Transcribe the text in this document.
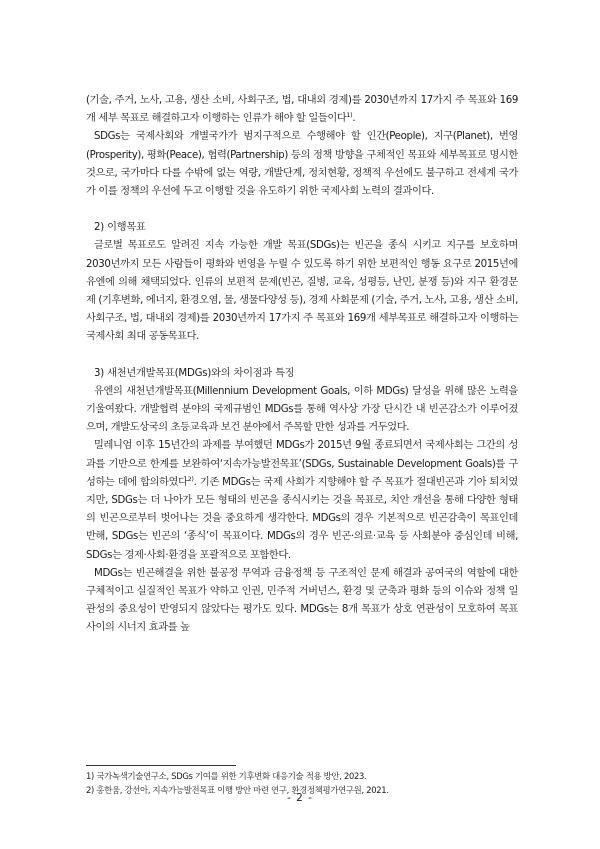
(기술, 주거, 노사, 고용, 생산 소비, 사회구조, 법, 대내외 경제)를 2030년까지 17가지 주 목표와 169개 세부 목표로 해결하고자 이행하는 인류가 해야 할 일들이다$^{1)}$.

SDGs는 국제사회와 개별국가가 범지구적으로 수행해야 할 인간(People), 지구(Planet), 번영(Prosperity), 평화(Peace), 협력(Partnership) 등의 정책 방향을 구체적인 목표와 세부목표로 명시한 것으로, 국가마다 다를 수밖에 없는 역량, 개발단계, 정치현황, 정책적 우선에도 불구하고 전세계 국가가 이를 정책의 우선에 두고 이행할 것을 유도하기 위한 국제사회 노력의 결과이다.

2) 이행목표

글로벌 목표로도 알려진 지속 가능한 개발 목표(SDGs)는 빈곤을 종식 시키고 지구를 보호하며 2030년까지 모든 사람들이 평화와 번영을 누릴 수 있도록 하기 위한 보편적인 행동 요구로 2015년에 유엔에 의해 채택되었다. 인류의 보편적 문제(빈곤, 질병, 교육, 성평등, 난민, 분쟁 등)와 지구 환경문제 (기후변화, 에너지, 환경오염, 물, 생물다양성 등), 경제 사회문제 (기술, 주거, 노사, 고용, 생산 소비, 사회구조, 법, 대내외 경제)를 2030년까지 17가지 주 목표와 169개 세부목표로 해결하고자 이행하는 국제사회 최대 공동목표다.

3) 새천년개발목표(MDGs)와의 차이점과 특징

유엔의 새천년개발목표(Millennium Development Goals, 이하 MDGs) 달성을 위해 많은 노력을 기울여왔다. 개발협력 분야의 국제규범인 MDGs를 통해 역사상 가장 단시간 내 빈곤감소가 이루어졌으며, 개발도상국의 초등교육과 보건 분야에서 주목할 만한 성과를 거두었다.

밀레니엄 이후 15년간의 과제를 부여했던 MDGs가 2015년 9월 종료되면서 국제사회는 그간의 성과를 기반으로 한계를 보완하여‘지속가능발전목표’(SDGs, Sustainable Development Goals)를 구성하는 데에 합의하였다$^{2)}$. 기존 MDGs는 국제 사회가 지향해야 할 주 목표가 절대빈곤과 기아 퇴치였지만, SDGs는 더 나아가 모든 형태의 빈곤을 종식시키는 것을 목표로, 치안 개선을 통해 다양한 형태의 빈곤으로부터 벗어나는 것을 중요하게 생각한다. MDGs의 경우 기본적으로 빈곤감축이 목표인데 반해, SDGs는 빈곤의 ‘종식’이 목표이다. MDGs의 경우 빈곤·의료·교육 등 사회분야 중심인데 비해, SDGs는 경제·사회·환경을 포괄적으로 포함한다.

MDGs는 빈곤해결을 위한 불공정 무역과 금융정책 등 구조적인 문제 해결과 공여국의 역할에 대한 구체적이고 실질적인 목표가 약하고 인권, 민주적 거버넌스, 환경 및 군축과 평화 등의 이슈와 정책 일관성의 중요성이 반영되지 않았다는 평가도 있다. MDGs는 8개 목표가 상호 연관성이 모호하여 목표 사이의 시너지 효과를 높

1) 국가녹색기술연구소, SDGs 기여를 위한 기후변화 대응기술 적용 방안, 2023.
2) 홍한움, 강선아, 지속가능발전목표 이행 방안 마련 연구, 환경정책평가연구원, 2021.
- 2 -
